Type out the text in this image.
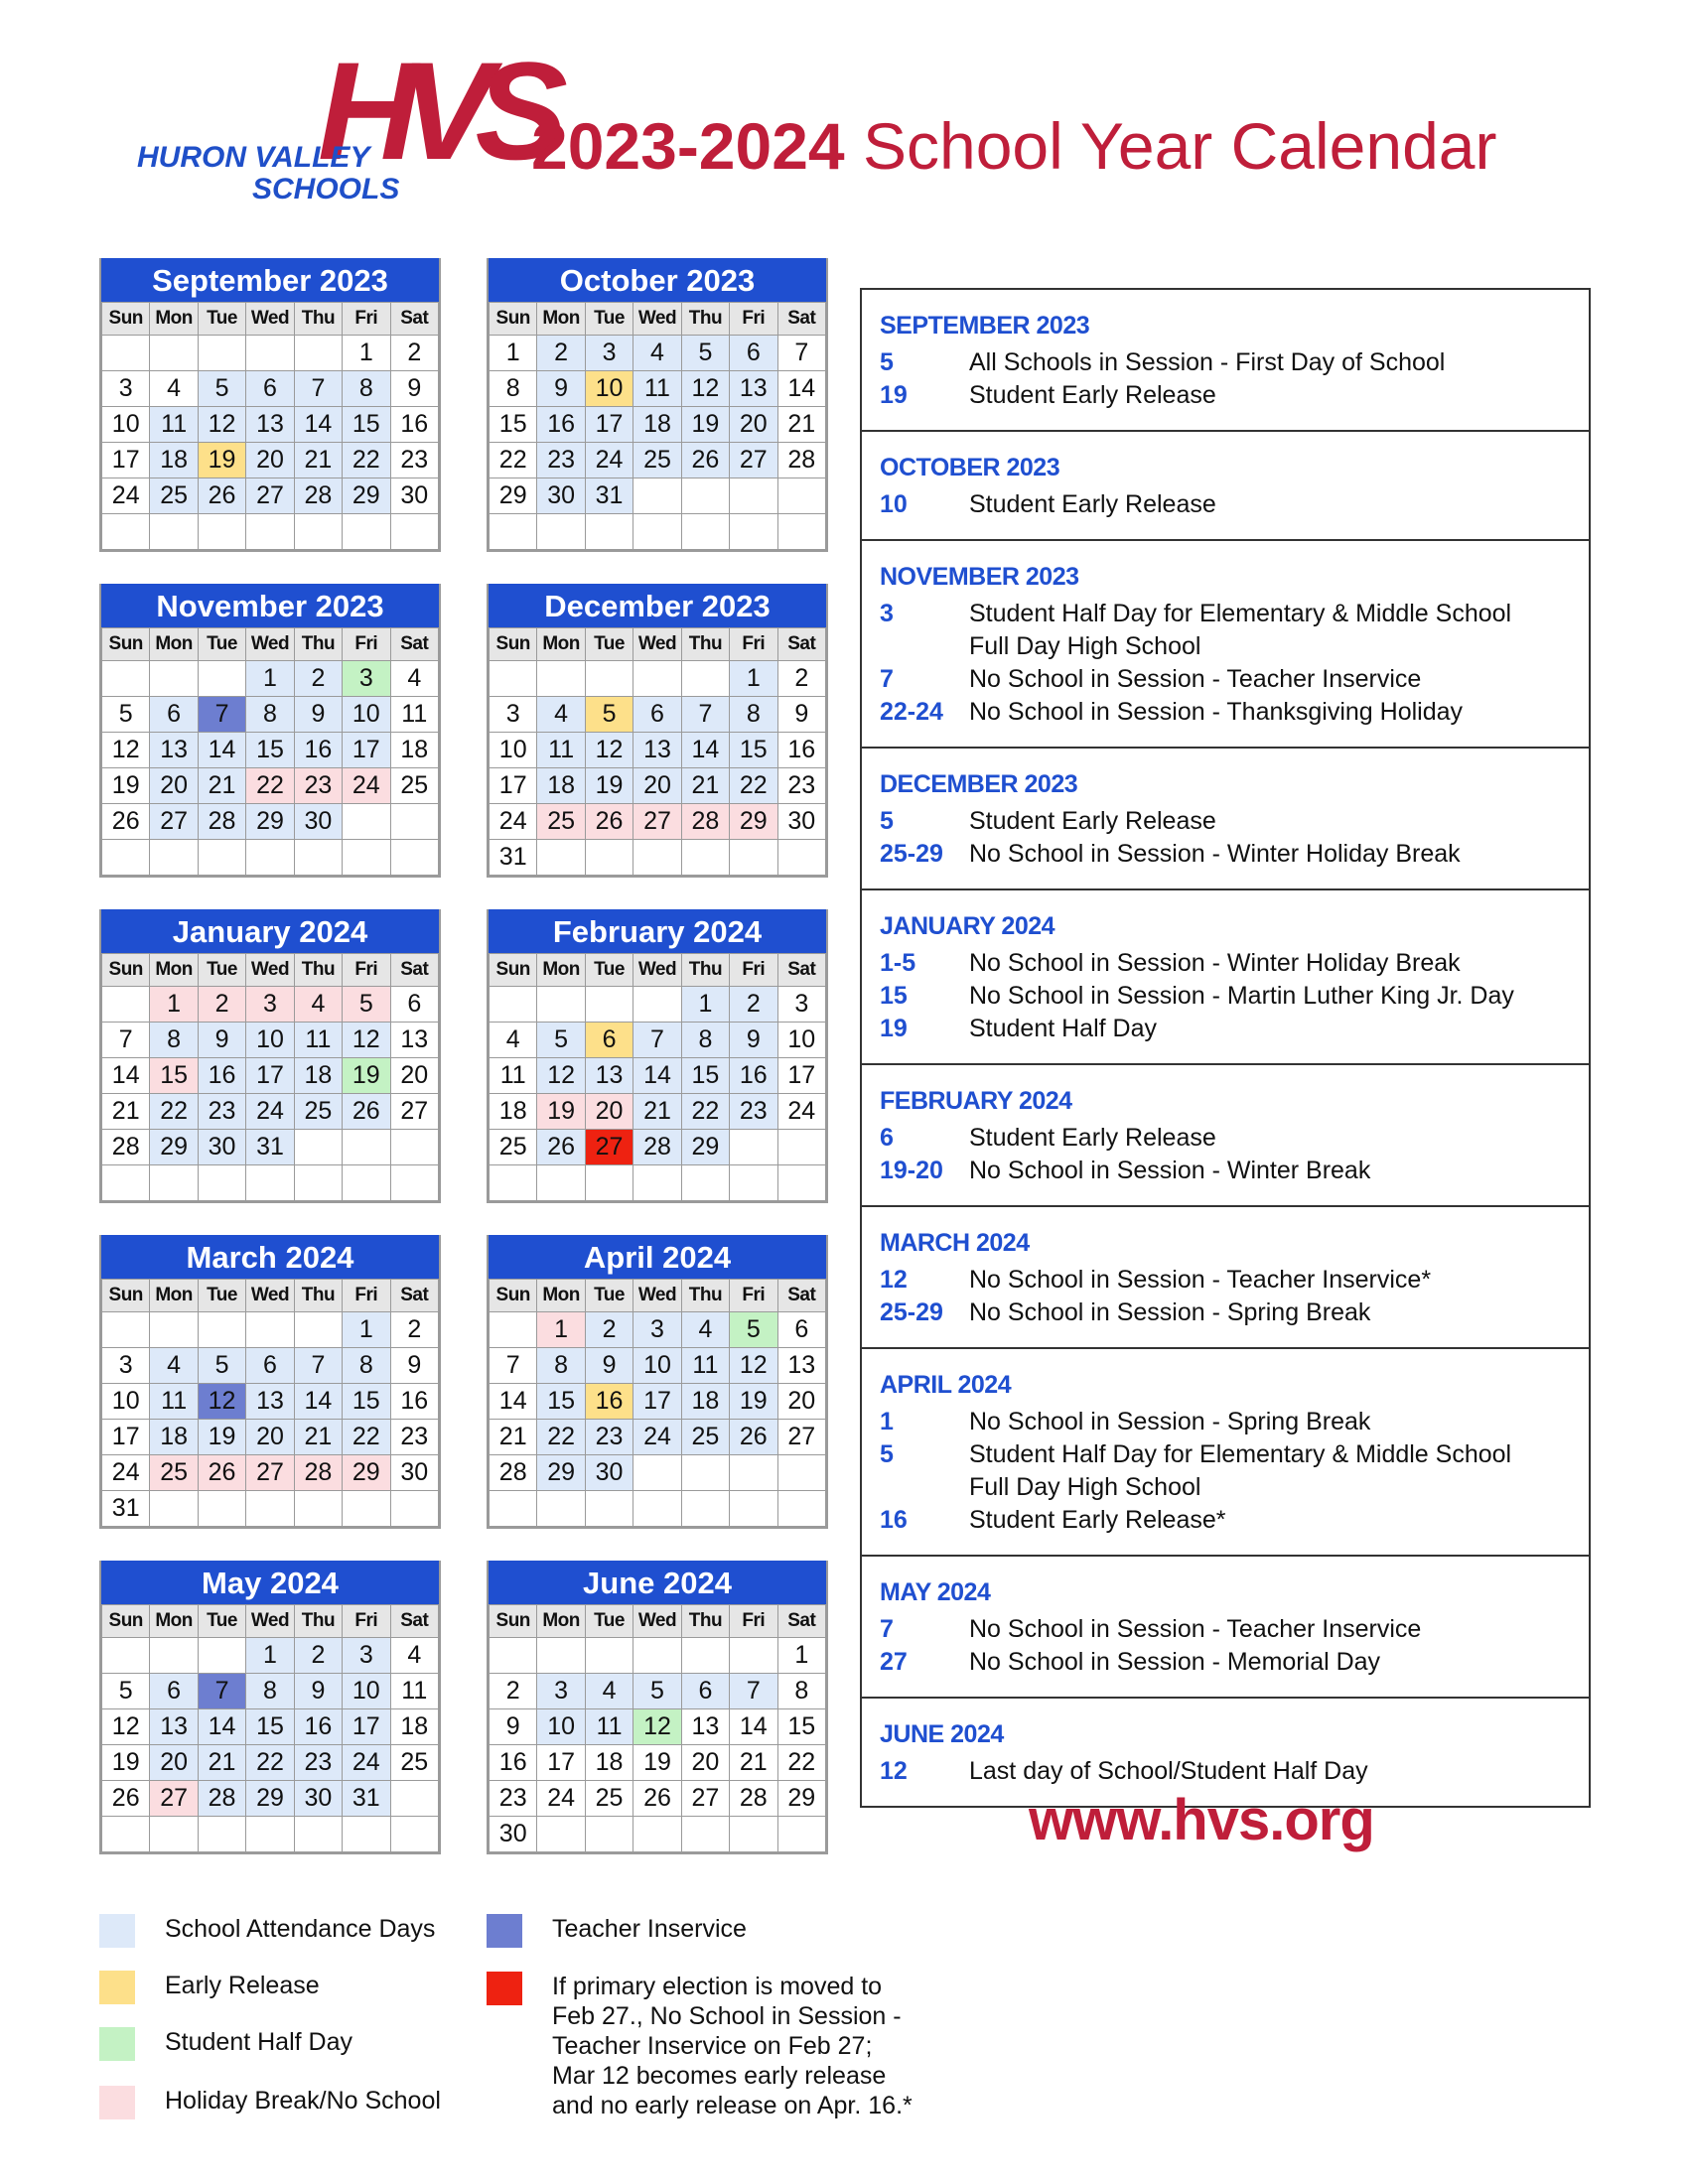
HVS
HURON VALLEY
SCHOOLS
2023-2024 School Year Calendar
September 2023
Sun	Mon	Tue	Wed	Thu	Fri	Sat
					1	2
3	4	5	6	7	8	9
10	11	12	13	14	15	16
17	18	19	20	21	22	23
24	25	26	27	28	29	30

October 2023
Sun	Mon	Tue	Wed	Thu	Fri	Sat
1	2	3	4	5	6	7
8	9	10	11	12	13	14
15	16	17	18	19	20	21
22	23	24	25	26	27	28
29	30	31				

November 2023
Sun	Mon	Tue	Wed	Thu	Fri	Sat
			1	2	3	4
5	6	7	8	9	10	11
12	13	14	15	16	17	18
19	20	21	22	23	24	25
26	27	28	29	30		

December 2023
Sun	Mon	Tue	Wed	Thu	Fri	Sat
					1	2
3	4	5	6	7	8	9
10	11	12	13	14	15	16
17	18	19	20	21	22	23
24	25	26	27	28	29	30
31						
January 2024
Sun	Mon	Tue	Wed	Thu	Fri	Sat
	1	2	3	4	5	6
7	8	9	10	11	12	13
14	15	16	17	18	19	20
21	22	23	24	25	26	27
28	29	30	31			

February 2024
Sun	Mon	Tue	Wed	Thu	Fri	Sat
				1	2	3
4	5	6	7	8	9	10
11	12	13	14	15	16	17
18	19	20	21	22	23	24
25	26	27	28	29		

March 2024
Sun	Mon	Tue	Wed	Thu	Fri	Sat
					1	2
3	4	5	6	7	8	9
10	11	12	13	14	15	16
17	18	19	20	21	22	23
24	25	26	27	28	29	30
31						
April 2024
Sun	Mon	Tue	Wed	Thu	Fri	Sat
	1	2	3	4	5	6
7	8	9	10	11	12	13
14	15	16	17	18	19	20
21	22	23	24	25	26	27
28	29	30				

May 2024
Sun	Mon	Tue	Wed	Thu	Fri	Sat
			1	2	3	4
5	6	7	8	9	10	11
12	13	14	15	16	17	18
19	20	21	22	23	24	25
26	27	28	29	30	31	

June 2024
Sun	Mon	Tue	Wed	Thu	Fri	Sat
						1
2	3	4	5	6	7	8
9	10	11	12	13	14	15
16	17	18	19	20	21	22
23	24	25	26	27	28	29
30						
SEPTEMBER 2023
5	All Schools in Session - First Day of School
19	Student Early Release
OCTOBER 2023
10	Student Early Release
NOVEMBER 2023
3	Student Half Day for Elementary & Middle School
Full Day High School
7	No School in Session - Teacher Inservice
22-24	No School in Session - Thanksgiving Holiday
DECEMBER 2023
5	Student Early Release
25-29	No School in Session - Winter Holiday Break
JANUARY 2024
1-5	No School in Session - Winter Holiday Break
15	No School in Session - Martin Luther King Jr. Day
19	Student Half Day
FEBRUARY 2024
6	Student Early Release
19-20	No School in Session - Winter Break
MARCH 2024
12	No School in Session - Teacher Inservice*
25-29	No School in Session - Spring Break
APRIL 2024
1	No School in Session - Spring Break
5	Student Half Day for Elementary & Middle School
Full Day High School
16	Student Early Release*
MAY 2024
7	No School in Session - Teacher Inservice
27	No School in Session - Memorial Day
JUNE 2024
12	Last day of School/Student Half Day
www.hvs.org
School Attendance Days
Early Release
Student Half Day
Holiday Break/No School
Teacher Inservice
If primary election is moved to
Feb 27., No School in Session -
Teacher Inservice on Feb 27;
Mar 12 becomes early release
and no early release on Apr. 16.*
